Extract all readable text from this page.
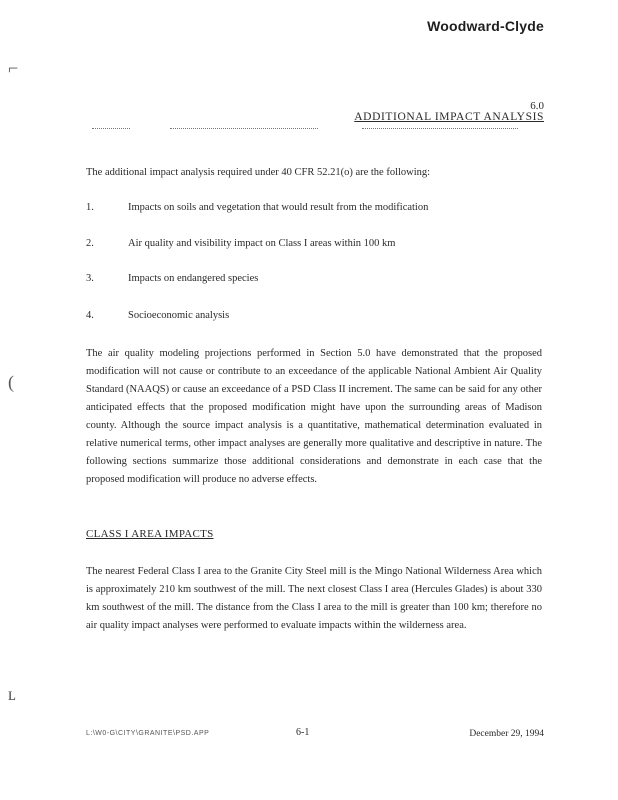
Woodward-Clyde
⌐
(
ʟ
6.0
ADDITIONAL IMPACT ANALYSIS
The additional impact analysis required under 40 CFR 52.21(o) are the following:
1.	Impacts on soils and vegetation that would result from the modification
2.	Air quality and visibility impact on Class I areas within 100 km
3.	Impacts on endangered species
4.	Socioeconomic analysis
The air quality modeling projections performed in Section 5.0 have demonstrated that the proposed modification will not cause or contribute to an exceedance of the applicable National Ambient Air Quality Standard (NAAQS) or cause an exceedance of a PSD Class II increment. The same can be said for any other anticipated effects that the proposed modification might have upon the surrounding areas of Madison county. Although the source impact analysis is a quantitative, mathematical determination evaluated in relative numerical terms, other impact analyses are generally more qualitative and descriptive in nature. The following sections summarize those additional considerations and demonstrate in each case that the proposed modification will produce no adverse effects.
CLASS I AREA IMPACTS
The nearest Federal Class I area to the Granite City Steel mill is the Mingo National Wilderness Area which is approximately 210 km southwest of the mill. The next closest Class I area (Hercules Glades) is about 330 km southwest of the mill. The distance from the Class I area to the mill is greater than 100 km; therefore no air quality impact analyses were performed to evaluate impacts within the wilderness area.
L:\W0-G\CITY\GRANITE\PSD.APP	6-1	December 29, 1994
